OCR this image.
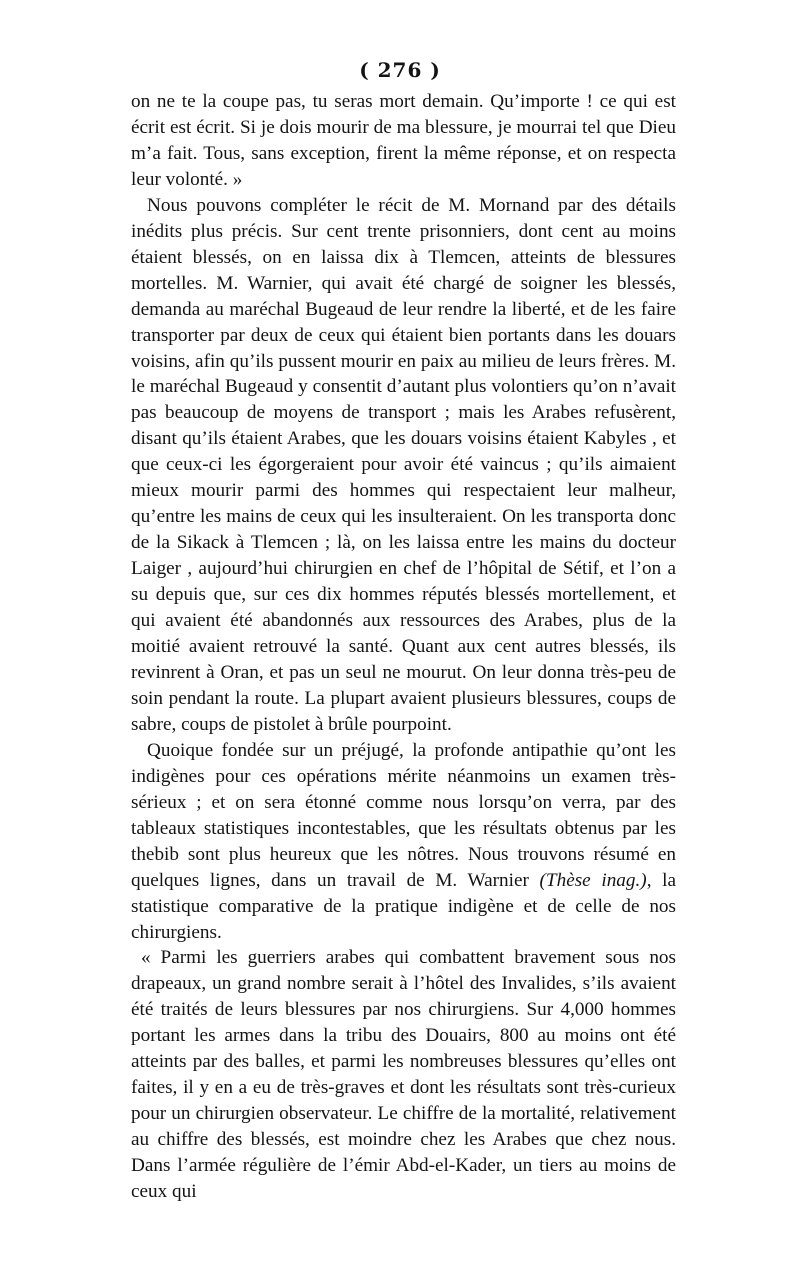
( 276 )

on ne te la coupe pas, tu seras mort demain. Qu’importe ! ce qui est écrit est écrit. Si je dois mourir de ma blessure, je mourrai tel que Dieu m’a fait. Tous, sans exception, firent la même réponse, et on respecta leur volonté. »

Nous pouvons compléter le récit de M. Mornand par des détails inédits plus précis. Sur cent trente prisonniers, dont cent au moins étaient blessés, on en laissa dix à Tlemcen, atteints de blessures mortelles. M. Warnier, qui avait été chargé de soigner les blessés, demanda au maréchal Bugeaud de leur rendre la liberté, et de les faire transporter par deux de ceux qui étaient bien portants dans les douars voisins, afin qu’ils pussent mourir en paix au milieu de leurs frères. M. le maréchal Bugeaud y consentit d’autant plus volontiers qu’on n’avait pas beaucoup de moyens de transport ; mais les Arabes refusèrent, disant qu’ils étaient Arabes, que les douars voisins étaient Kabyles , et que ceux-ci les égorgeraient pour avoir été vaincus ; qu’ils aimaient mieux mourir parmi des hommes qui respectaient leur malheur, qu’entre les mains de ceux qui les insulteraient. On les transporta donc de la Sikack à Tlemcen ; là, on les laissa entre les mains du docteur Laiger , aujourd’hui chirurgien en chef de l’hôpital de Sétif, et l’on a su depuis que, sur ces dix hommes réputés blessés mortellement, et qui avaient été abandonnés aux ressources des Arabes, plus de la moitié avaient retrouvé la santé. Quant aux cent autres blessés, ils revinrent à Oran, et pas un seul ne mourut. On leur donna très-peu de soin pendant la route. La plupart avaient plusieurs blessures, coups de sabre, coups de pistolet à brûle pourpoint.

Quoique fondée sur un préjugé, la profonde antipathie qu’ont les indigènes pour ces opérations mérite néanmoins un examen très-sérieux ; et on sera étonné comme nous lorsqu’on verra, par des tableaux statistiques incontestables, que les résultats obtenus par les thebib sont plus heureux que les nôtres. Nous trouvons résumé en quelques lignes, dans un travail de M. Warnier (Thèse inag.), la statistique comparative de la pratique indigène et de celle de nos chirurgiens.

« Parmi les guerriers arabes qui combattent bravement sous nos drapeaux, un grand nombre serait à l’hôtel des Invalides, s’ils avaient été traités de leurs blessures par nos chirurgiens. Sur 4,000 hommes portant les armes dans la tribu des Douairs, 800 au moins ont été atteints par des balles, et parmi les nombreuses blessures qu’elles ont faites, il y en a eu de très-graves et dont les résultats sont très-curieux pour un chirurgien observateur. Le chiffre de la mortalité, relativement au chiffre des blessés, est moindre chez les Arabes que chez nous. Dans l’armée régulière de l’émir Abd-el-Kader, un tiers au moins de ceux qui
